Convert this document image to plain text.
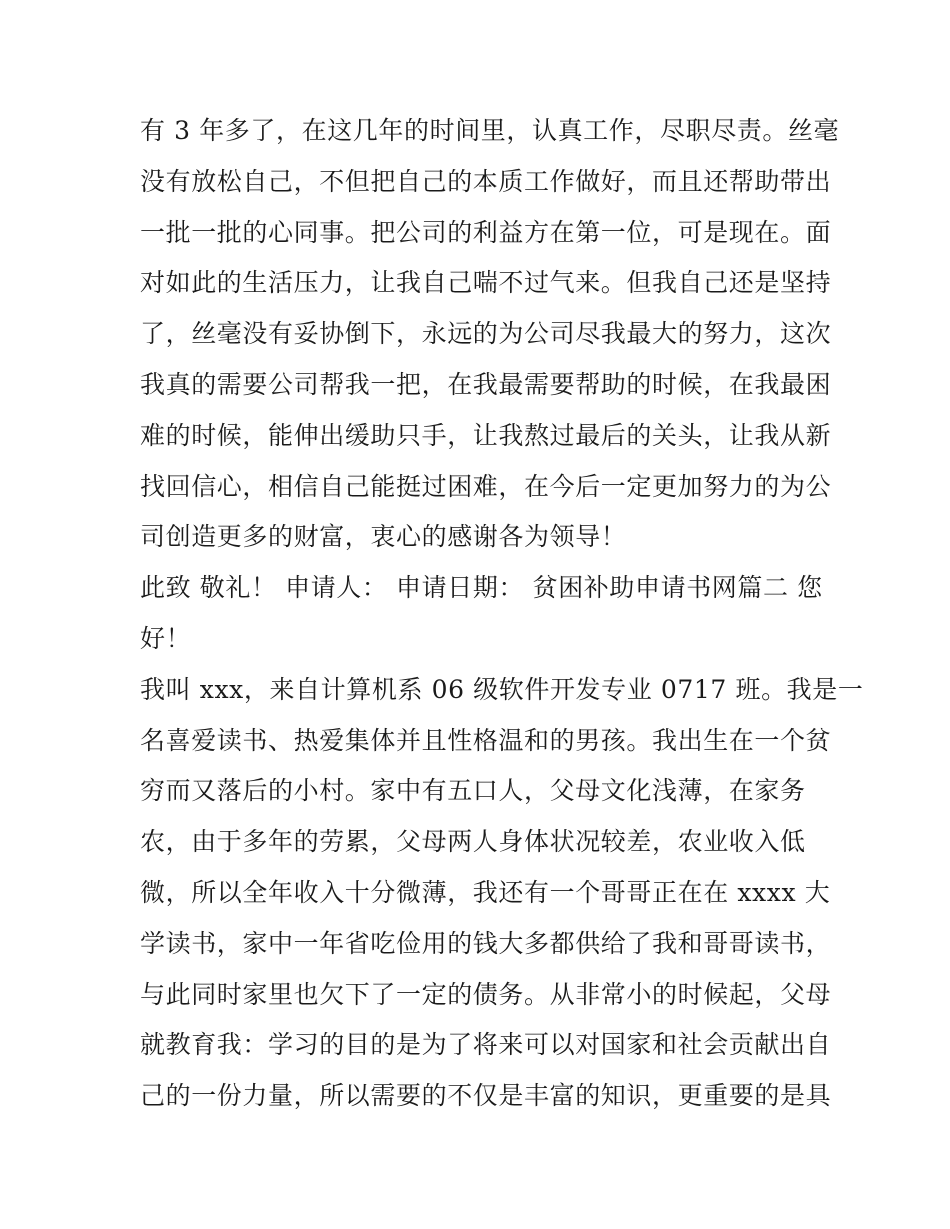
有 3 年多了，在这几年的时间里，认真工作，尽职尽责。丝毫
没有放松自己，不但把自己的本质工作做好，而且还帮助带出
一批一批的心同事。把公司的利益方在第一位，可是现在。面
对如此的生活压力，让我自己喘不过气来。但我自己还是坚持
了，丝毫没有妥协倒下，永远的为公司尽我最大的努力，这次
我真的需要公司帮我一把，在我最需要帮助的时候，在我最困
难的时候，能伸出缓助只手，让我熬过最后的关头，让我从新
找回信心，相信自己能挺过困难，在今后一定更加努力的为公
司创造更多的财富，衷心的感谢各为领导！
此致 敬礼！ 申请人： 申请日期： 贫困补助申请书网篇二 您
好！
我叫 xxx，来自计算机系 06 级软件开发专业 0717 班。我是一
名喜爱读书、热爱集体并且性格温和的男孩。我出生在一个贫
穷而又落后的小村。家中有五口人，父母文化浅薄，在家务
农，由于多年的劳累，父母两人身体状况较差，农业收入低
微，所以全年收入十分微薄，我还有一个哥哥正在在 xxxx 大
学读书，家中一年省吃俭用的钱大多都供给了我和哥哥读书，
与此同时家里也欠下了一定的债务。从非常小的时候起，父母
就教育我：学习的目的是为了将来可以对国家和社会贡献出自
己的一份力量，所以需要的不仅是丰富的知识，更重要的是具
